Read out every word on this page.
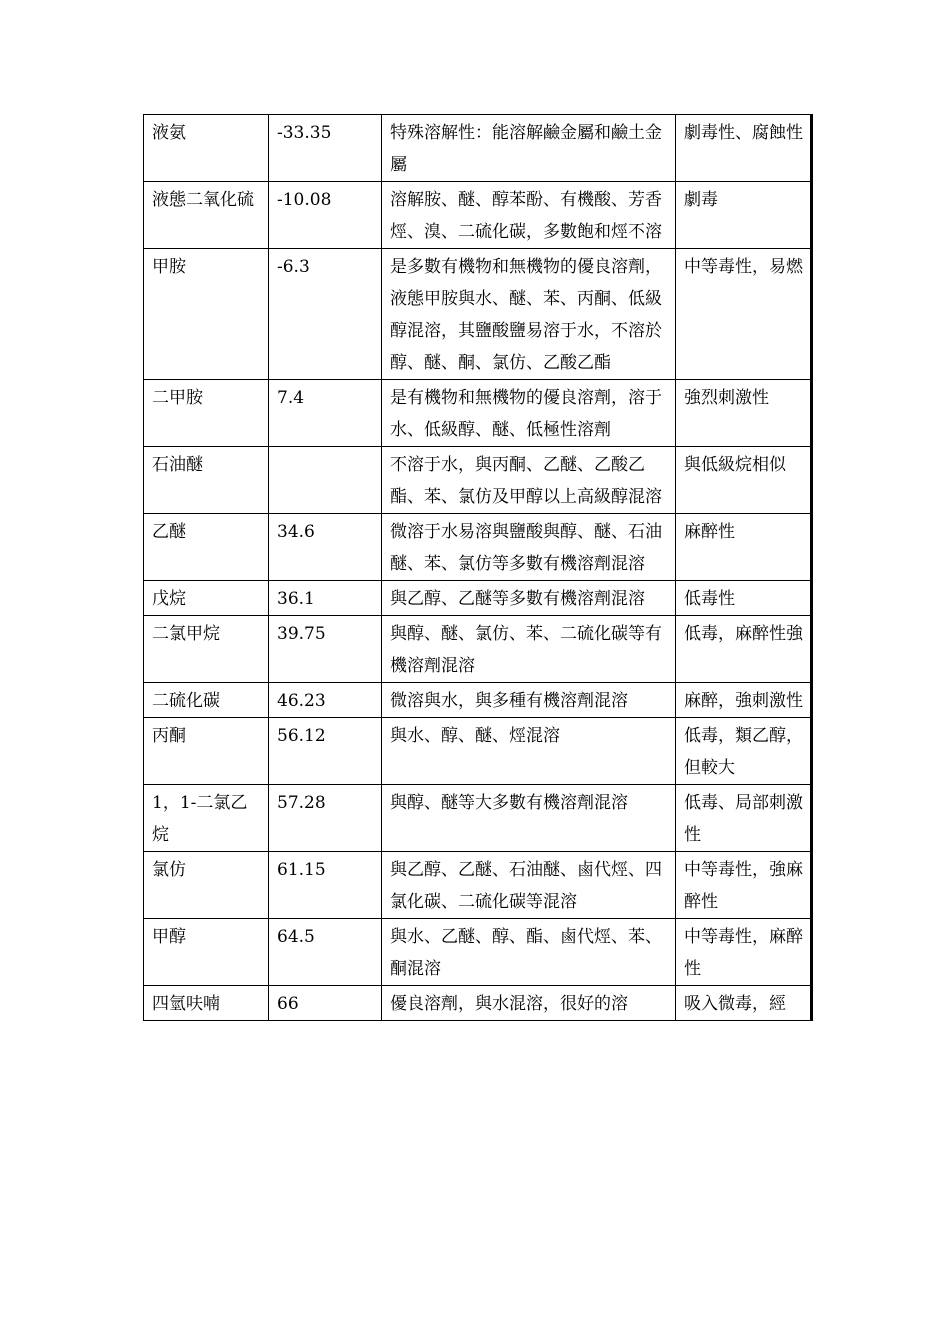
液氨	-33.35	特殊溶解性：能溶解鹼金屬和鹼土金屬	劇毒性、腐蝕性
液態二氧化硫	-10.08	溶解胺、醚、醇苯酚、有機酸、芳香烴、溴、二硫化碳，多數飽和烴不溶	劇毒
甲胺	-6.3	是多數有機物和無機物的優良溶劑，液態甲胺與水、醚、苯、丙酮、低級醇混溶，其鹽酸鹽易溶于水，不溶於醇、醚、酮、氯仿、乙酸乙酯	中等毒性，易燃
二甲胺	7.4	是有機物和無機物的優良溶劑，溶于水、低級醇、醚、低極性溶劑	強烈刺激性
石油醚		不溶于水，與丙酮、乙醚、乙酸乙酯、苯、氯仿及甲醇以上高級醇混溶	與低級烷相似
乙醚	34.6	微溶于水易溶與鹽酸與醇、醚、石油醚、苯、氯仿等多數有機溶劑混溶	麻醉性
戊烷	36.1	與乙醇、乙醚等多數有機溶劑混溶	低毒性
二氯甲烷	39.75	與醇、醚、氯仿、苯、二硫化碳等有機溶劑混溶	低毒，麻醉性強
二硫化碳	46.23	微溶與水，與多種有機溶劑混溶	麻醉，強刺激性
丙酮	56.12	與水、醇、醚、烴混溶	低毒，類乙醇，但較大
1，1-二氯乙烷	57.28	與醇、醚等大多數有機溶劑混溶	低毒、局部刺激性
氯仿	61.15	與乙醇、乙醚、石油醚、鹵代烴、四氯化碳、二硫化碳等混溶	中等毒性，強麻醉性
甲醇	64.5	與水、乙醚、醇、酯、鹵代烴、苯、酮混溶	中等毒性，麻醉性
四氫呋喃	66	優良溶劑，與水混溶，很好的溶	吸入微毒，經
